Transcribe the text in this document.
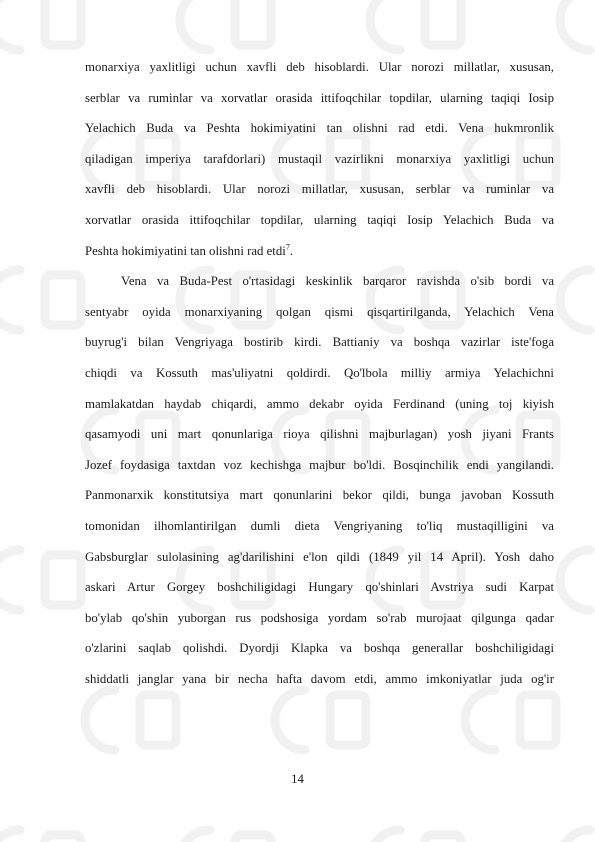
monarxiya yaxlitligi uchun xavfli deb hisoblardi. Ular norozi millatlar, xususan,
serblar va ruminlar va xorvatlar orasida ittifoqchilar topdilar, ularning taqiqi Iosip
Yelachich Buda va Peshta hokimiyatini tan olishni rad etdi. Vena hukmronlik
qiladigan imperiya tarafdorlari) mustaqil vazirlikni monarxiya yaxlitligi uchun
xavfli deb hisoblardi. Ular norozi millatlar, xususan, serblar va ruminlar va
xorvatlar orasida ittifoqchilar topdilar, ularning taqiqi Iosip Yelachich Buda va
Peshta hokimiyatini tan olishni rad etdi$^7$.
Vena va Buda-Pest o'rtasidagi keskinlik barqaror ravishda o'sib bordi va
sentyabr oyida monarxiyaning qolgan qismi qisqartirilganda, Yelachich Vena
buyrug'i bilan Vengriyaga bostirib kirdi. Battianiy va boshqa vazirlar iste'foga
chiqdi va Kossuth mas'uliyatni qoldirdi. Qo'lbola milliy armiya Yelachichni
mamlakatdan haydab chiqardi, ammo dekabr oyida Ferdinand (uning toj kiyish
qasamyodi uni mart qonunlariga rioya qilishni majburlagan) yosh jiyani Frants
Jozef foydasiga taxtdan voz kechishga majbur bo'ldi. Bosqinchilik endi yangilandi.
Panmonarxik konstitutsiya mart qonunlarini bekor qildi, bunga javoban Kossuth
tomonidan ilhomlantirilgan dumli dieta Vengriyaning to'liq mustaqilligini va
Gabsburglar sulolasining ag'darilishini e'lon qildi (1849 yil 14 April). Yosh daho
askari Artur Gorgey boshchiligidagi Hungary qo'shinlari Avstriya sudi Karpat
bo'ylab qo'shin yuborgan rus podshosiga yordam so'rab murojaat qilgunga qadar
o'zlarini saqlab qolishdi. Dyordji Klapka va boshqa generallar boshchiligidagi
shiddatli janglar yana bir necha hafta davom etdi, ammo imkoniyatlar juda og'ir
14
